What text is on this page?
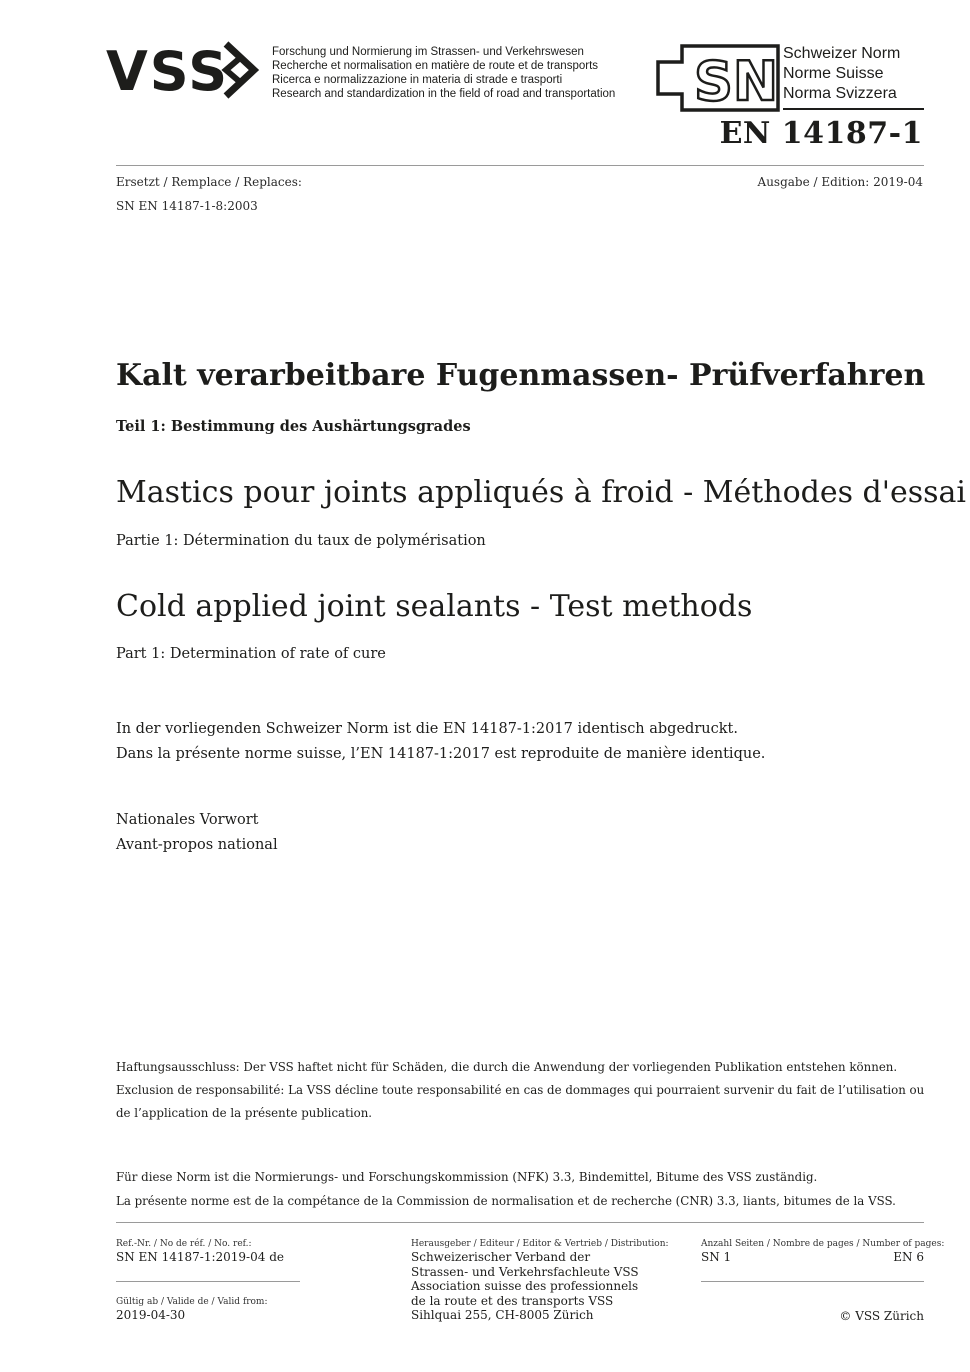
VSS	Forschung und Normierung im Strassen- und Verkehrswesen
Recherche et normalisation en matière de route et de transports
Ricerca e normalizzazione in materia di strade e trasporti
Research and standardization in the field of road and transportation SN Schweizer Norm
Norme Suisse
Norma Svizzera
EN 14187-1
Ersetzt / Remplace / Replaces:
SN EN 14187-1-8:2003
Ausgabe / Edition: 2019-04
Kalt verarbeitbare Fugenmassen- Prüfverfahren
Teil 1: Bestimmung des Aushärtungsgrades
Mastics pour joints appliqués à froid - Méthodes d'essai
Partie 1: Détermination du taux de polymérisation
Cold applied joint sealants - Test methods
Part 1: Determination of rate of cure
In der vorliegenden Schweizer Norm ist die EN 14187-1:2017 identisch abgedruckt.
Dans la présente norme suisse, l’EN 14187-1:2017 est reproduite de manière identique.
Nationales Vorwort
Avant-propos national
Haftungsausschluss: Der VSS haftet nicht für Schäden, die durch die Anwendung der vorliegenden Publikation entstehen können.
Exclusion de responsabilité: La VSS décline toute responsabilité en cas de dommages qui pourraient survenir du fait de l’utilisation ou
de l’application de la présente publication.
Für diese Norm ist die Normierungs- und Forschungskommission (NFK) 3.3, Bindemittel, Bitume des VSS zuständig.
La présente norme est de la compétance de la Commission de normalisation et de recherche (CNR) 3.3, liants, bitumes de la VSS.
Ref.-Nr. / No de réf. / No. ref.:
SN EN 14187-1:2019-04 de
Gültig ab / Valide de / Valid from:
2019-04-30
Herausgeber / Editeur / Editor & Vertrieb / Distribution:
Schweizerischer Verband der
Strassen- und Verkehrsfachleute VSS
Association suisse des professionnels
de la route et des transports VSS
Sihlquai 255, CH-8005 Zürich
Anzahl Seiten / Nombre de pages / Number of pages:
SN 1	EN 6
© VSS Zürich
